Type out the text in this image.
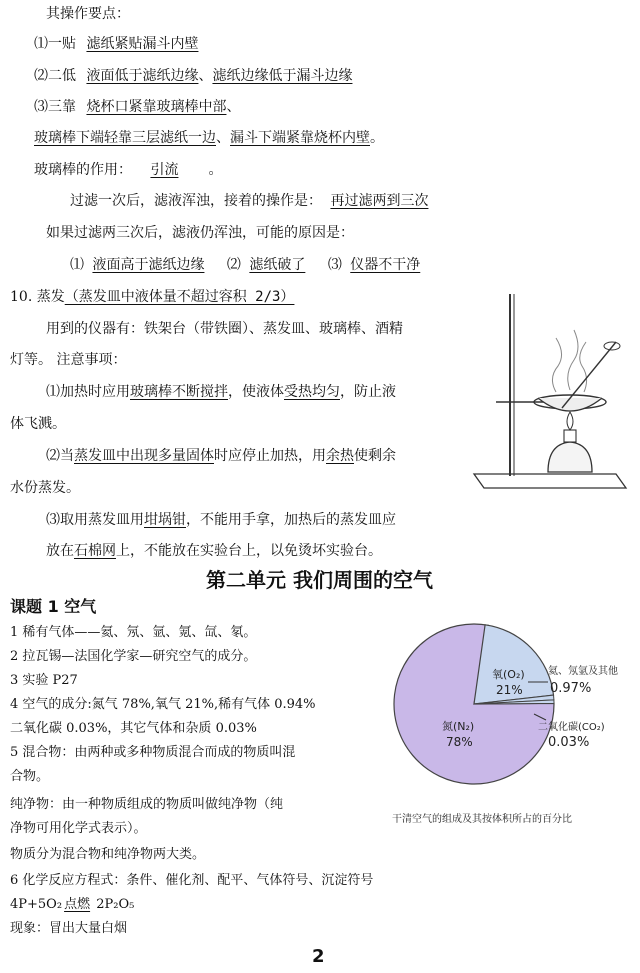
其操作要点：
⑴一贴 滤纸紧贴漏斗内壁
⑵二低 液面低于滤纸边缘、滤纸边缘低于漏斗边缘
⑶三靠 烧杯口紧靠玻璃棒中部、
玻璃棒下端轻靠三层滤纸一边、漏斗下端紧靠烧杯内壁。
玻璃棒的作用： 引流 。
过滤一次后，滤液浑浊，接着的操作是： 再过滤两到三次
如果过滤两三次后，滤液仍浑浊，可能的原因是：
⑴ 液面高于滤纸边缘 ⑵ 滤纸破了 ⑶ 仪器不干净
10. 蒸发（蒸发皿中液体量不超过容积 2/3）
用到的仪器有：铁架台（带铁圈）、蒸发皿、玻璃棒、酒精
灯等。 注意事项：
⑴加热时应用玻璃棒不断搅拌，使液体受热均匀，防止液
体飞溅。
⑵当蒸发皿中出现多量固体时应停止加热，用余热使剩余
水份蒸发。
⑶取用蒸发皿用坩埚钳，不能用手拿，加热后的蒸发皿应
放在石棉网上，不能放在实验台上，以免烫坏实验台。
第二单元 我们周围的空气
课题 1 空气
1 稀有气体——氦、氖、氩、氪、氙、氡。
2 拉瓦锡—法国化学家—研究空气的成分。
3 实验 P27
4 空气的成分:氮气 78%,氧气 21%,稀有气体 0.94%
二氧化碳 0.03%，其它气体和杂质 0.03%
5 混合物：由两种或多种物质混合而成的物质叫混
合物。
纯净物：由一种物质组成的物质叫做纯净物（纯
净物可用化学式表示）。
物质分为混合物和纯净物两大类。
6 化学反应方程式：条件、催化剂、配平、气体符号、沉淀符号
4P+5O₂ 点燃 2P₂O₅
现象：冒出大量白烟
氧(O₂)
21%
氮(N₂)
78%
氦、氖氩及其他
0.97%
二氧化碳(CO₂)
0.03%
干清空气的组成及其按体积所占的百分比
2
